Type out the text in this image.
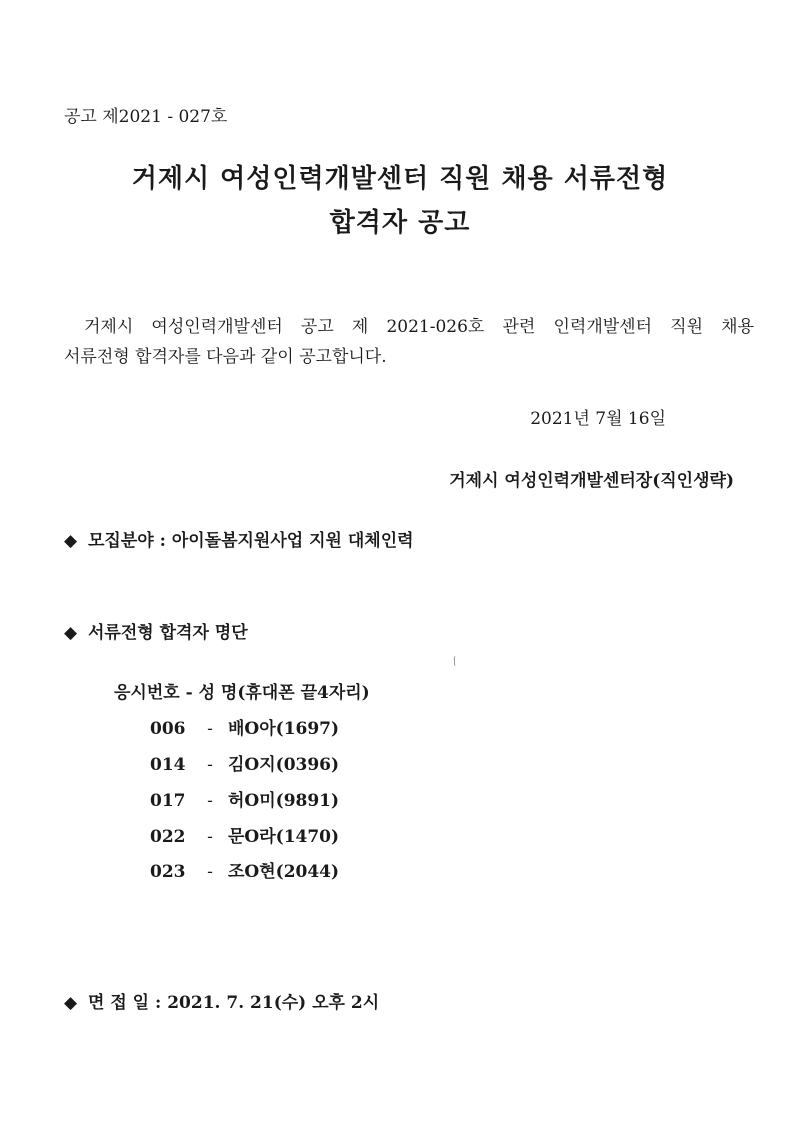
공고 제2021 - 027호
거제시 여성인력개발센터 직원 채용 서류전형
합격자 공고
거제시 여성인력개발센터 공고 제 2021-026호 관련 인력개발센터 직원 채용
서류전형 합격자를 다음과 같이 공고합니다.
2021년 7월 16일
거제시 여성인력개발센터장(직인생략)
◆ 모집분야 : 아이돌봄지원사업 지원 대체인력
◆ 서류전형 합격자 명단
응시번호 - 성 명(휴대폰 끝4자리)
006 - 배O아(1697)
014 - 김O지(0396)
017 - 허O미(9891)
022 - 문O라(1470)
023 - 조O현(2044)
◆ 면 접 일 : 2021. 7. 21(수) 오후 2시
